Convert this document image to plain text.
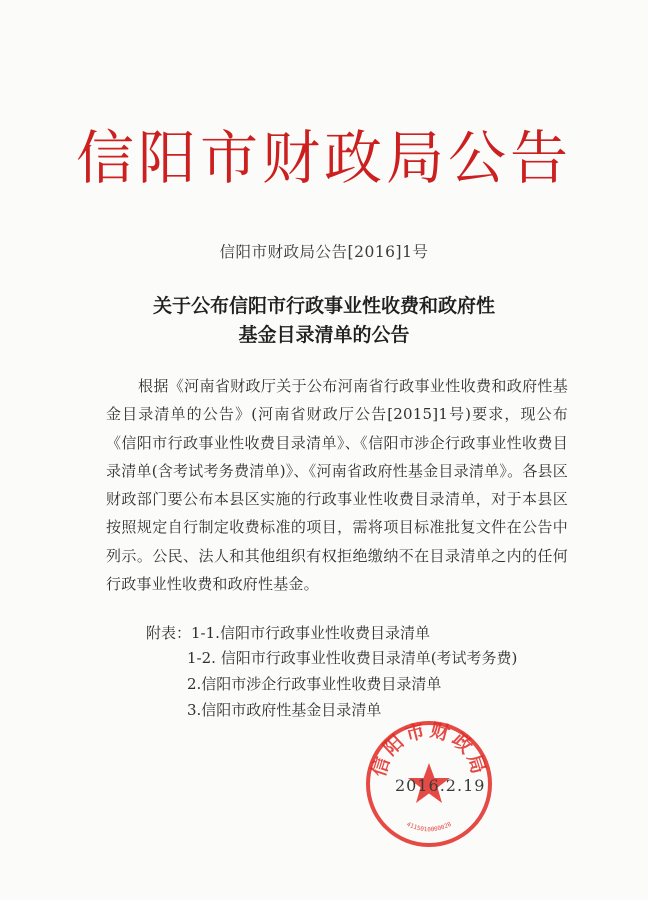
信阳市财政局公告
信阳市财政局公告[2016]1号
关于公布信阳市行政事业性收费和政府性
基金目录清单的公告

根据《河南省财政厅关于公布河南省行政事业性收费和政府性基金目录清单的公告》(河南省财政厅公告[2015]1号)要求，现公布《信阳市行政事业性收费目录清单》、《信阳市涉企行政事业性收费目录清单(含考试考务费清单)》、《河南省政府性基金目录清单》。各县区财政部门要公布本县区实施的行政事业性收费目录清单，对于本县区按照规定自行制定收费标准的项目，需将项目标准批复文件在公告中列示。公民、法人和其他组织有权拒绝缴纳不在目录清单之内的任何行政事业性收费和政府性基金。

附表：1-1.信阳市行政事业性收费目录清单
1-2. 信阳市行政事业性收费目录清单(考试考务费)
2.信阳市涉企行政事业性收费目录清单
3.信阳市政府性基金目录清单
信阳市财政局
4115010000028
2016.2.19
